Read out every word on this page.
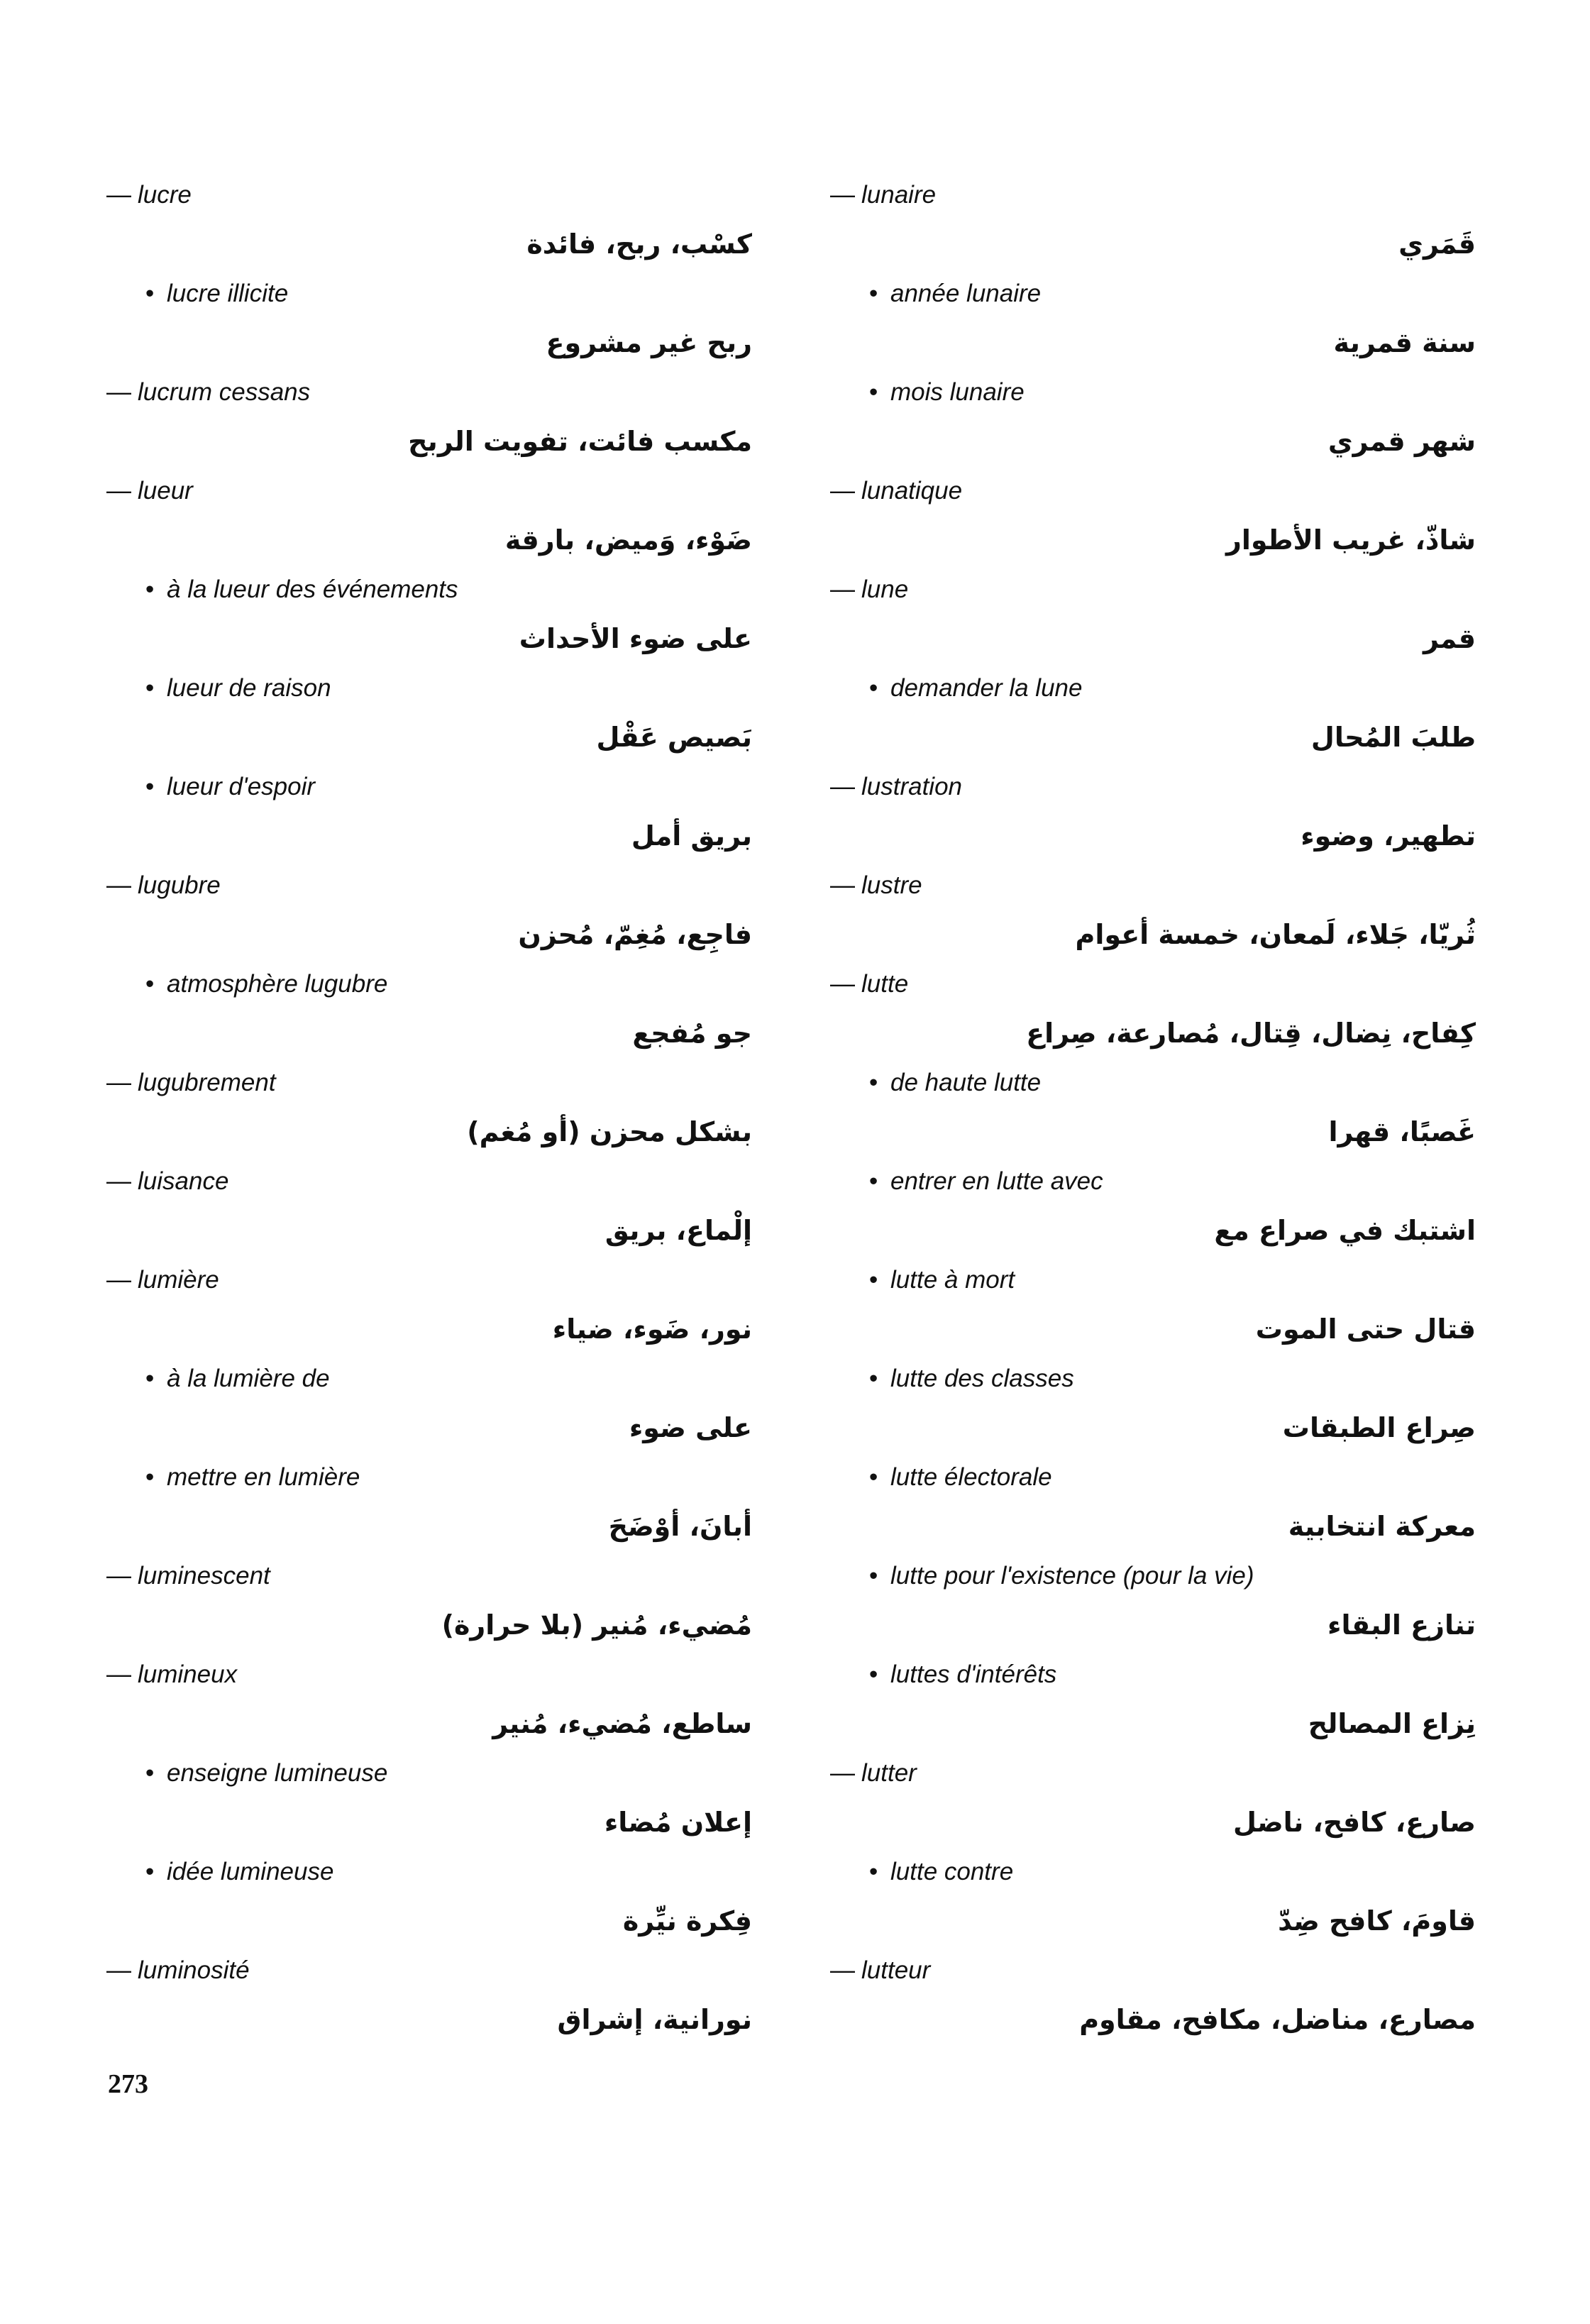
— lucre
كسْب، ربح، فائدة
• lucre illicite
ربح غير مشروع
— lucrum cessans
مكسب فائت، تفويت الربح
— lueur
ضَوْء، وَميض، بارقة
• à la lueur des événements
على ضوء الأحداث
• lueur de raison
بَصيص عَقْل
• lueur d'espoir
بريق أمل
— lugubre
فاجِع، مُغِمّ، مُحزن
• atmosphère lugubre
جو مُفجع
— lugubrement
بشكل محزن (أو مُغم)
— luisance
إلْماع، بريق
— lumière
نور، ضَوء، ضياء
• à la lumière de
على ضوء
• mettre en lumière
أبانَ، أوْضَحَ
— luminescent
مُضيء، مُنير (بلا حرارة)
— lumineux
ساطع، مُضيء، مُنير
• enseigne lumineuse
إعلان مُضاء
• idée lumineuse
فِكرة نيِّرة
— luminosité
نورانية، إشراق
— lunaire
قَمَري
• année lunaire
سنة قمرية
• mois lunaire
شهر قمري
— lunatique
شاذّ، غريب الأطوار
— lune
قمر
• demander la lune
طلبَ المُحال
— lustration
تطهير، وضوء
— lustre
ثُريّا، جَلاء، لَمعان، خمسة أعوام
— lutte
كِفاح، نِضال، قِتال، مُصارعة، صِراع
• de haute lutte
غَصبًا، قهرا
• entrer en lutte avec
اشتبك في صراع مع
• lutte à mort
قتال حتى الموت
• lutte des classes
صِراع الطبقات
• lutte électorale
معركة انتخابية
• lutte pour l'existence (pour la vie)
تنازع البقاء
• luttes d'intérêts
نِزاع المصالح
— lutter
صارع، كافح، ناضل
• lutte contre
قاومَ، كافح ضِدّ
— lutteur
مصارع، مناضل، مكافح، مقاوم
273
